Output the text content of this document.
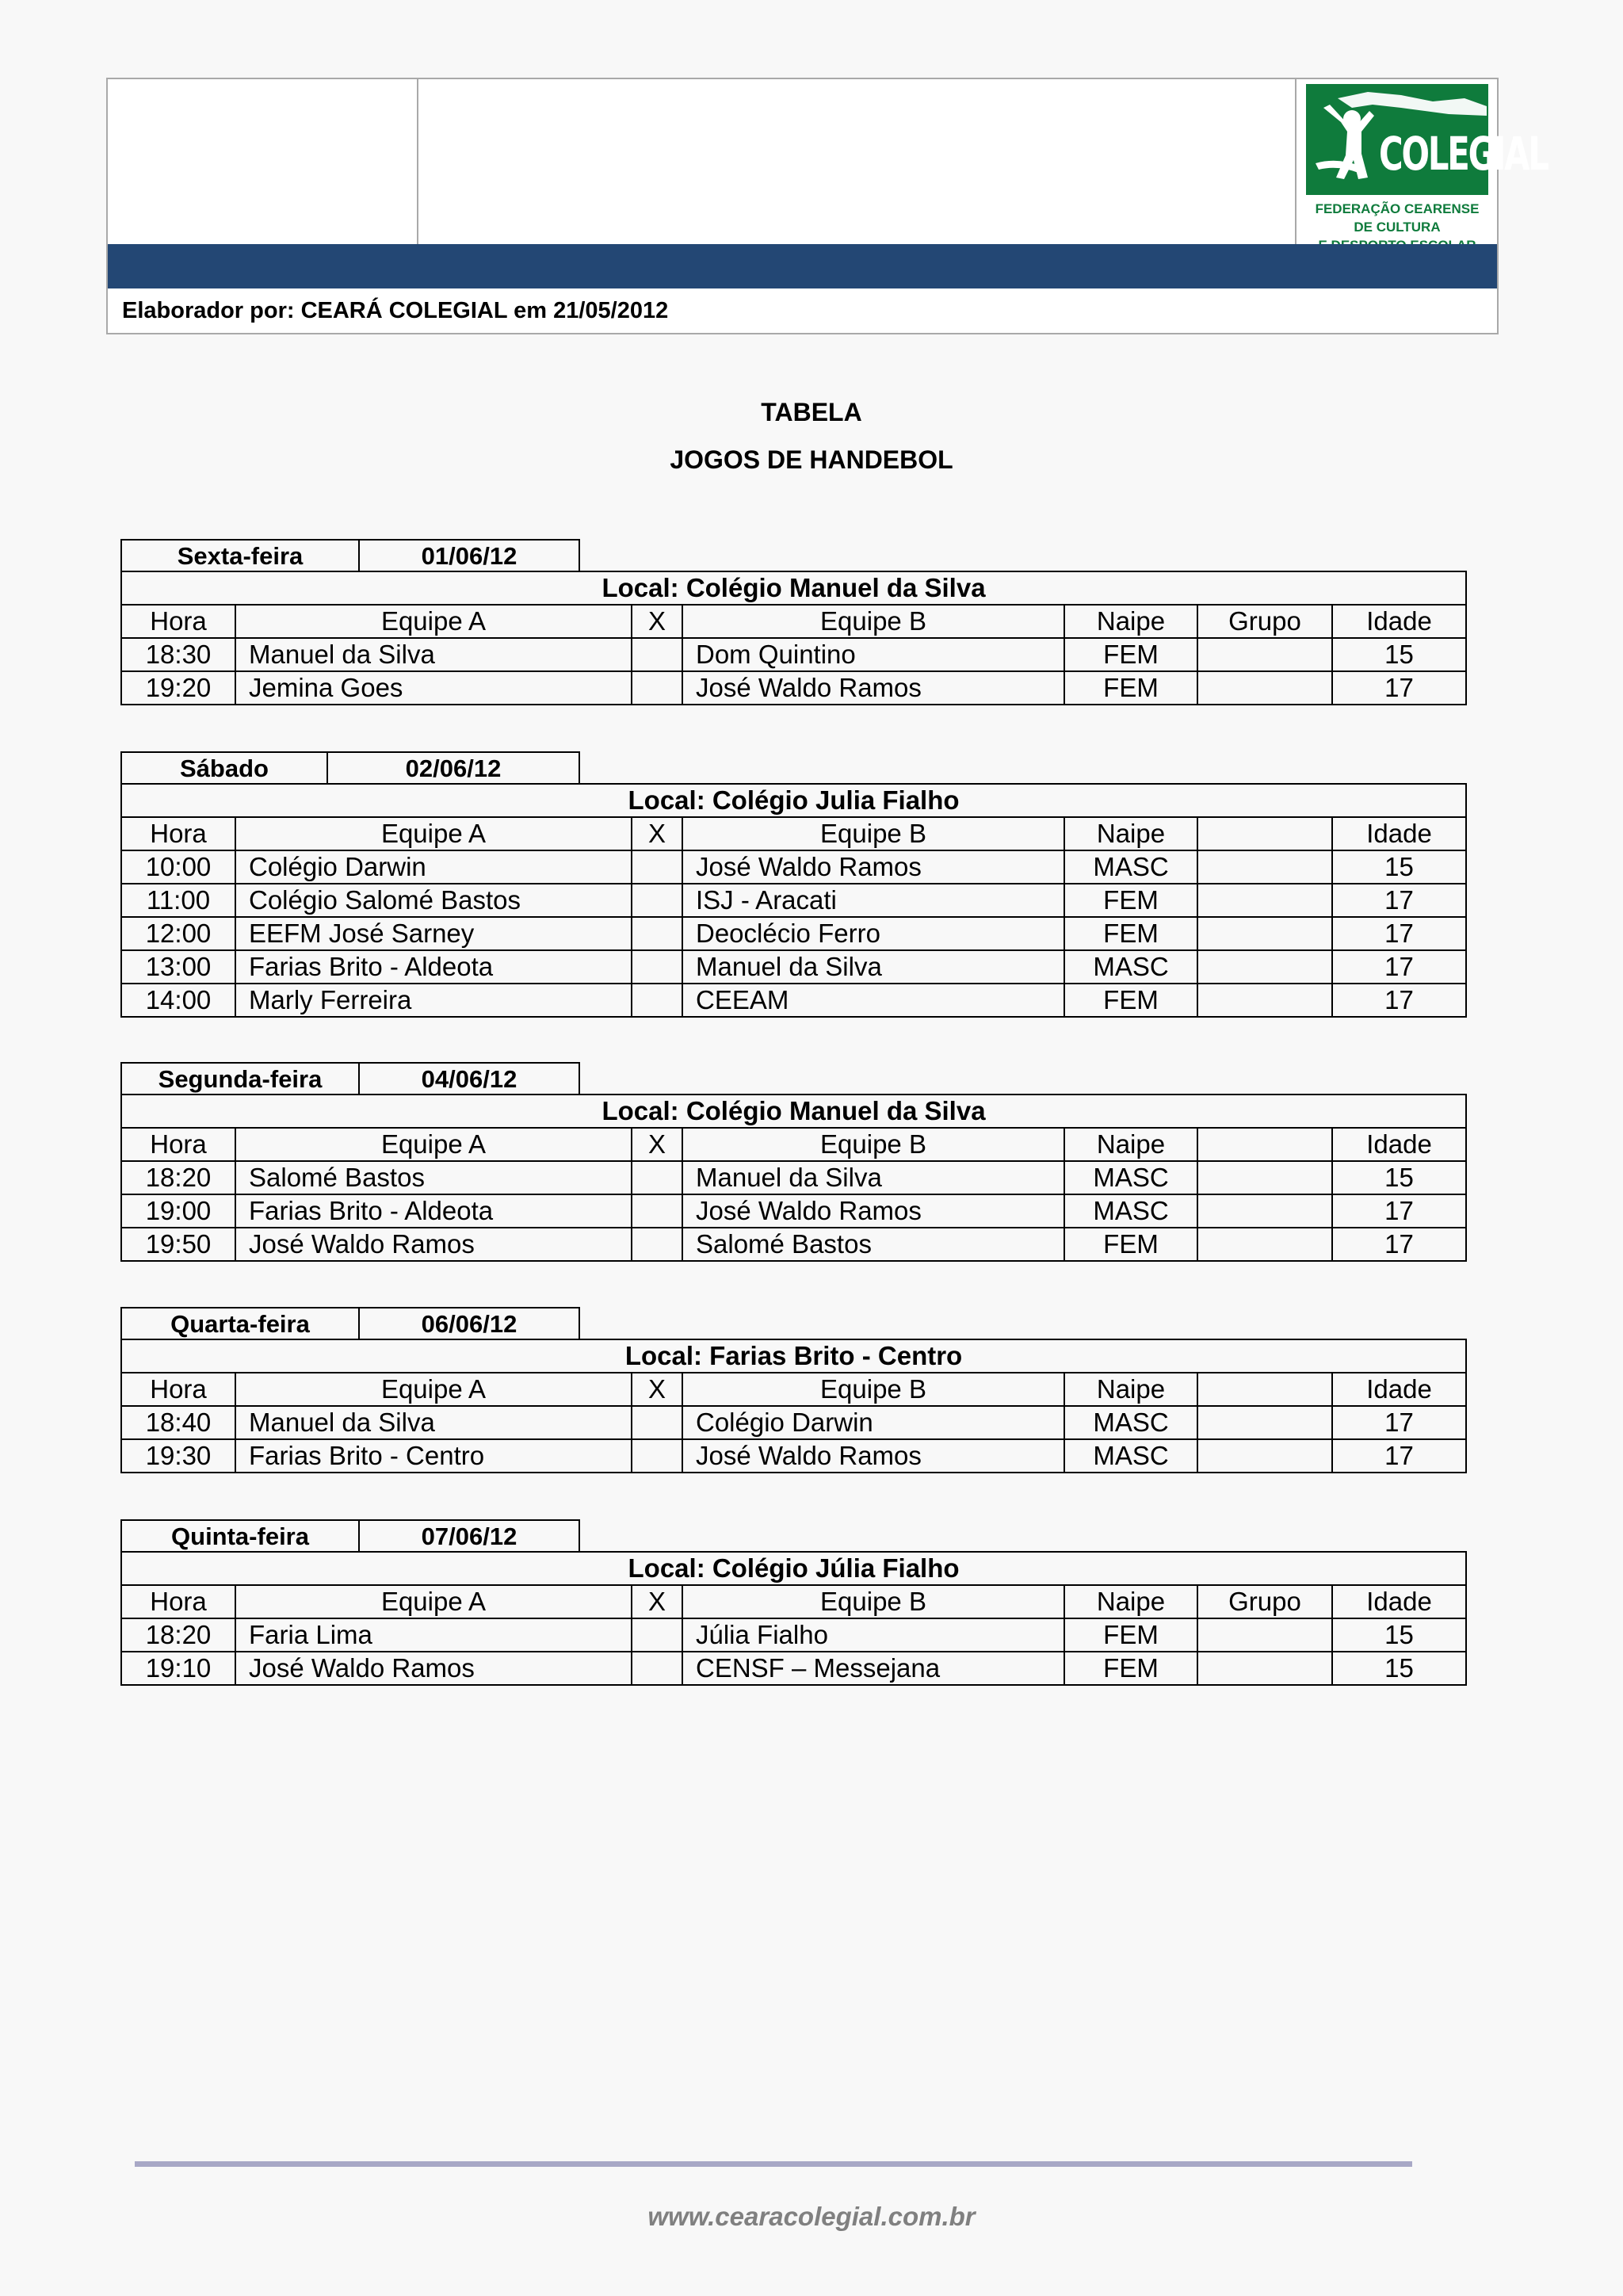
COLEGIAL
FEDERAÇÃO CEARENSE DE CULTURA
Elaborador por: CEARÁ COLEGIAL em 21/05/2012
TABELA
JOGOS DE HANDEBOL
Sexta-feira	01/06/12
Local: Colégio Manuel da Silva						
Hora	Equipe A	X	Equipe B	Naipe	Grupo	Idade
18:30	Manuel da Silva		Dom Quintino	FEM		15
19:20	Jemina Goes		José Waldo Ramos	FEM		17
Sábado	02/06/12
Local: Colégio Julia Fialho						
Hora	Equipe A	X	Equipe B	Naipe		Idade
10:00	Colégio Darwin		José Waldo Ramos	MASC		15
11:00	Colégio Salomé Bastos		ISJ - Aracati	FEM		17
12:00	EEFM José Sarney		Deoclécio Ferro	FEM		17
13:00	Farias Brito - Aldeota		Manuel da Silva	MASC		17
14:00	Marly Ferreira		CEEAM	FEM		17
Segunda-feira	04/06/12
Local: Colégio Manuel da Silva						
Hora	Equipe A	X	Equipe B	Naipe		Idade
18:20	Salomé Bastos		Manuel da Silva	MASC		15
19:00	Farias Brito - Aldeota		José Waldo Ramos	MASC		17
19:50	José Waldo Ramos		Salomé Bastos	FEM		17
Quarta-feira	06/06/12
Local: Farias Brito - Centro						
Hora	Equipe A	X	Equipe B	Naipe		Idade
18:40	Manuel da Silva		Colégio Darwin	MASC		17
19:30	Farias Brito - Centro		José Waldo Ramos	MASC		17
Quinta-feira	07/06/12
Local: Colégio Júlia Fialho						
Hora	Equipe A	X	Equipe B	Naipe	Grupo	Idade
18:20	Faria Lima		Júlia Fialho	FEM		15
19:10	José Waldo Ramos		CENSF – Messejana	FEM		15
www.cearacolegial.com.br
